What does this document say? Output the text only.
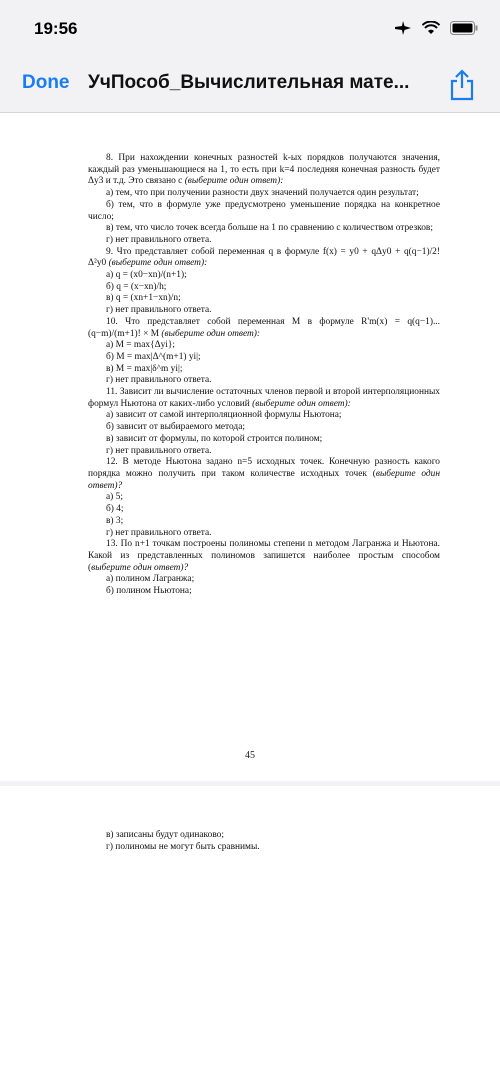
19:56
Done УчПособ_Вычислительная мате...

8. При нахождении конечных разностей k-ых порядков получаются значения, каждый раз уменьшающиеся на 1, то есть при k=4 последняя конечная разность будет Δy3 и т.д. Это связано с (выберите один ответ):

а) тем, что при получении разности двух значений получается один результат;

б) тем, что в формуле уже предусмотрено уменьшение порядка на конкретное число;

в) тем, что число точек всегда больше на 1 по сравнению с количеством отрезков;

г) нет правильного ответа.

9. Что представляет собой переменная q в формуле f(x) = y0 + qΔy0 + q(q−1)/2! Δ²y0 (выберите один ответ):

а) q = (x0−xn)/(n+1);

б) q = (x−xn)/h;

в) q = (xn+1−xn)/n;

г) нет правильного ответа.

10. Что представляет собой переменная M в формуле R'm(x) = q(q−1)...(q−m)/(m+1)! × M (выберите один ответ):

а) M = max{Δyi};

б) M = max|Δ^(m+1) yi|;

в) M = max|δ^m yi|;

г) нет правильного ответа.

11. Зависит ли вычисление остаточных членов первой и второй интерполяционных формул Ньютона от каких-либо условий (выберите один ответ):

а) зависит от самой интерполяционной формулы Ньютона;

б) зависит от выбираемого метода;

в) зависит от формулы, по которой строится полином;

г) нет правильного ответа.

12. В методе Ньютона задано n=5 исходных точек. Конечную разность какого порядка можно получить при таком количестве исходных точек (выберите один ответ)?

а) 5;

б) 4;

в) 3;

г) нет правильного ответа.

13. По n+1 точкам построены полиномы степени n методом Лагранжа и Ньютона. Какой из представленных полиномов запишется наиболее простым способом (выберите один ответ)?

а) полином Лагранжа;

б) полином Ньютона;

45

в) записаны будут одинаково;

г) полиномы не могут быть сравнимы.
